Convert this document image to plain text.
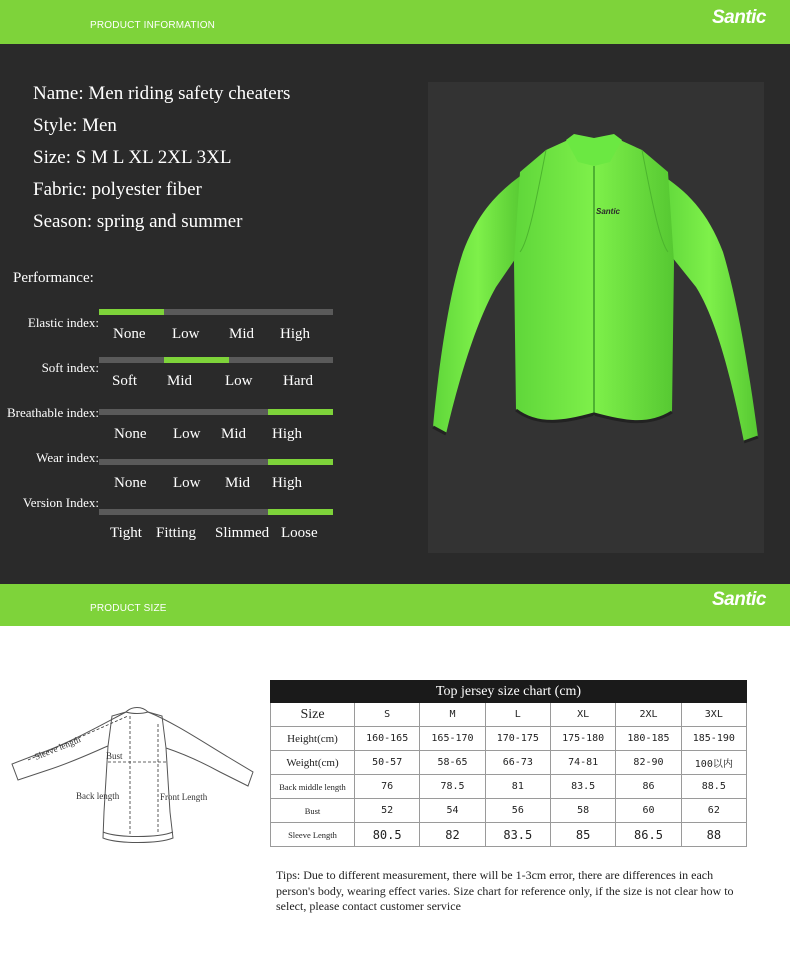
PRODUCT INFORMATION	Santic
Name: Men riding safety cheaters
Style: Men
Size: S M L XL 2XL 3XL
Fabric: polyester fiber
Season: spring and summer
Performance:
Elastic index:
None Low Mid High
Soft index:
Soft Mid Low Hard
Breathable index:
None Low Mid High
Wear index:
None Low Mid High
Version Index:
Tight Fitting Slimmed Loose
Santic
PRODUCT SIZE	Santic
Sleeve length	Bust
Back length	Front Length
Top jersey size chart (cm)						
Size	S	M	L	XL	2XL	3XL
Height(cm)	160-165	165-170	170-175	175-180	180-185	185-190
Weight(cm)	50-57	58-65	66-73	74-81	82-90	100以内
Back middle length	76	78.5	81	83.5	86	88.5
Bust	52	54	56	58	60	62
Sleeve Length	80.5	82	83.5	85	86.5	88
Tips: Due to different measurement, there will be 1-3cm error, there are differences in each person's body, wearing effect varies. Size chart for reference only, if the size is not clear how to select, please contact customer service
